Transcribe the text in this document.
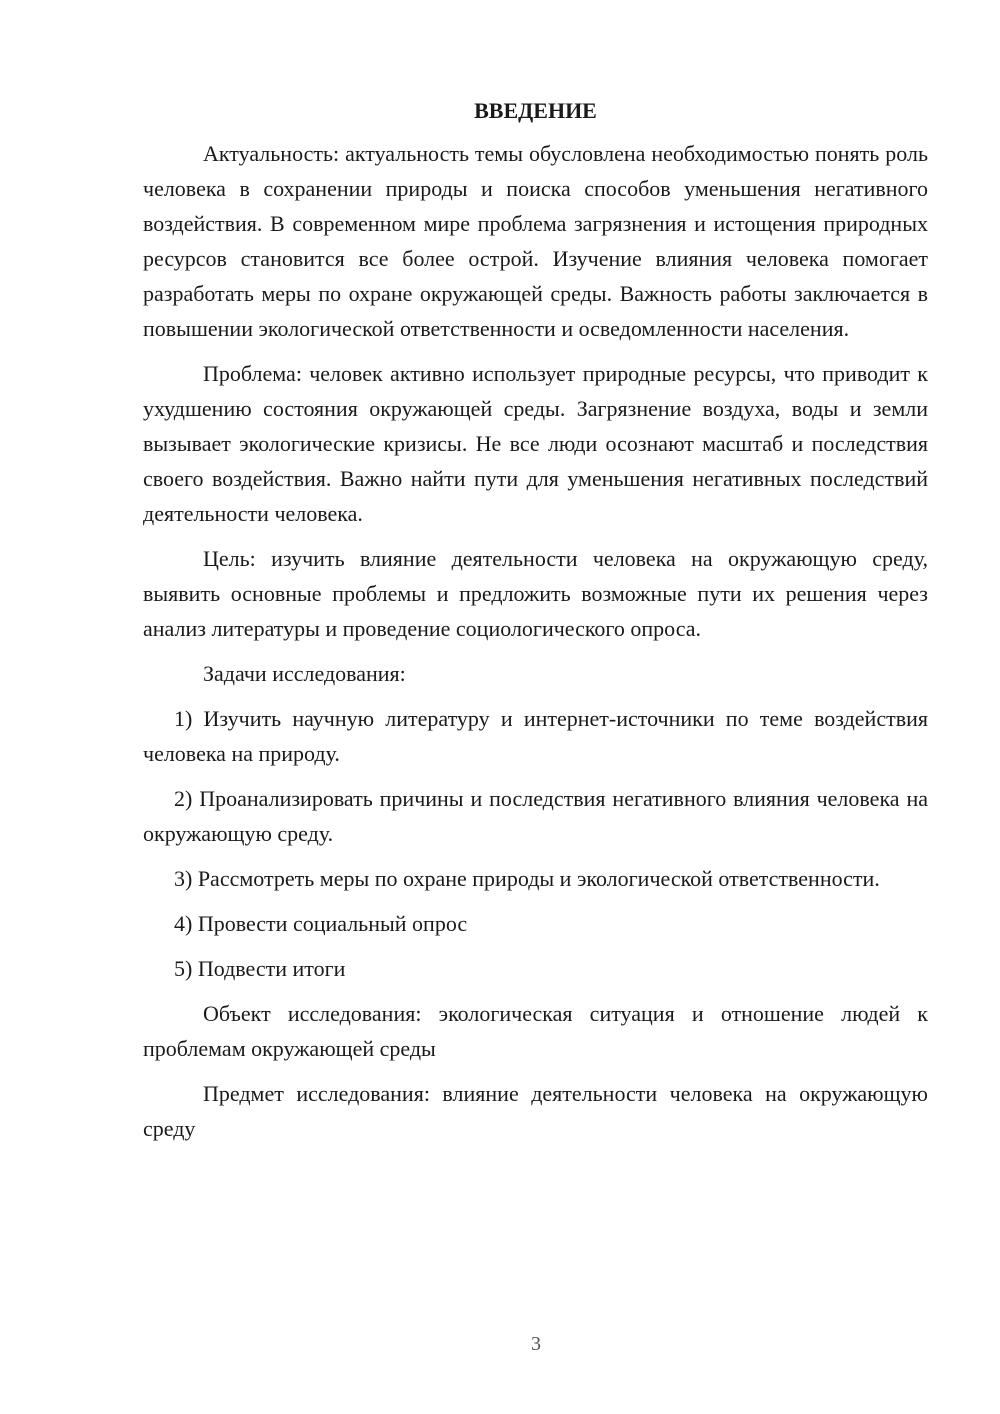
ВВЕДЕНИЕ

Актуальность: актуальность темы обусловлена необходимостью понять роль человека в сохранении природы и поиска способов уменьшения негативного воздействия. В современном мире проблема загрязнения и истощения природных ресурсов становится все более острой. Изучение влияния человека помогает разработать меры по охране окружающей среды. Важность работы заключается в повышении экологической ответственности и осведомленности населения.

Проблема: человек активно использует природные ресурсы, что приводит к ухудшению состояния окружающей среды. Загрязнение воздуха, воды и земли вызывает экологические кризисы. Не все люди осознают масштаб и последствия своего воздействия. Важно найти пути для уменьшения негативных последствий деятельности человека.

Цель: изучить влияние деятельности человека на окружающую среду, выявить основные проблемы и предложить возможные пути их решения через анализ литературы и проведение социологического опроса.

Задачи исследования:

1) Изучить научную литературу и интернет-источники по теме воздействия человека на природу.

2) Проанализировать причины и последствия негативного влияния человека на окружающую среду.

3) Рассмотреть меры по охране природы и экологической ответственности.

4) Провести социальный опрос

5) Подвести итоги

Объект исследования: экологическая ситуация и отношение людей к проблемам окружающей среды

Предмет исследования: влияние деятельности человека на окружающую среду

3
